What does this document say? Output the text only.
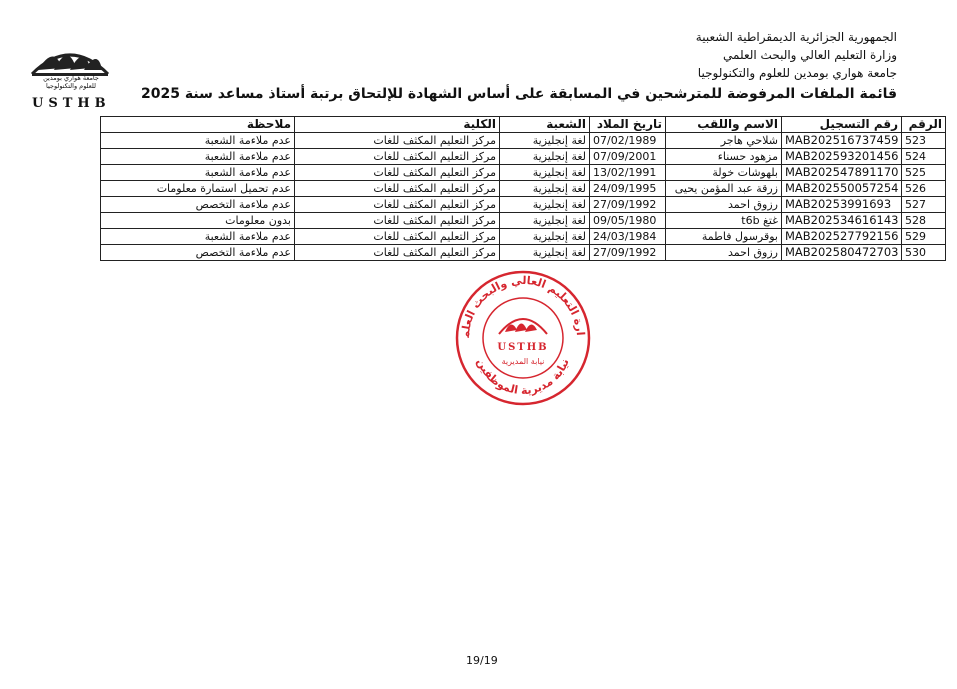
الجمهورية الجزائرية الديمقراطية الشعبية
وزارة التعليم العالي والبحث العلمي
جامعة هواري بومدين للعلوم والتكنولوجيا
جامعة هواري بومدين للعلوم والتكنولوجيا
USTHB
قائمة الملفات المرفوضة للمترشحين في المسابقة على أساس الشهادة للإلتحاق برتبة أستاذ مساعد سنة 2025
الرقم	رقم التسجيل	الاسم واللقب	تاريخ الملاد	الشعبة	الكلية	ملاحظة
523	MAB202516737459	شلاحي هاجر	07/02/1989	لغة إنجليزية	مركز التعليم المكثف للغات	عدم ملاءمة الشعبة
524	MAB202593201456	مزهود حسناء	07/09/2001	لغة إنجليزية	مركز التعليم المكثف للغات	عدم ملاءمة الشعبة
525	MAB202547891170	بلهوشات خولة	13/02/1991	لغة إنجليزية	مركز التعليم المكثف للغات	عدم ملاءمة الشعبة
526	MAB202550057254	زرقة عبد المؤمن يحيى	24/09/1995	لغة إنجليزية	مركز التعليم المكثف للغات	عدم تحميل استمارة معلومات
527	MAB20253991693	رزوق احمد	27/09/1992	لغة إنجليزية	مركز التعليم المكثف للغات	عدم ملاءمة التخصص
528	MAB202534616143	غتغ t6b	09/05/1980	لغة إنجليزية	مركز التعليم المكثف للغات	بدون معلومات
529	MAB202527792156	بوقرسول فاطمة	24/03/1984	لغة إنجليزية	مركز التعليم المكثف للغات	عدم ملاءمة الشعبة
530	MAB202580472703	رزوق احمد	27/09/1992	لغة إنجليزية	مركز التعليم المكثف للغات	عدم ملاءمة التخصص
ارة التعليم العالي والبحث العلم
نيابة مديرية الموظفين
USTHB
نيابة المديرية
19/19
